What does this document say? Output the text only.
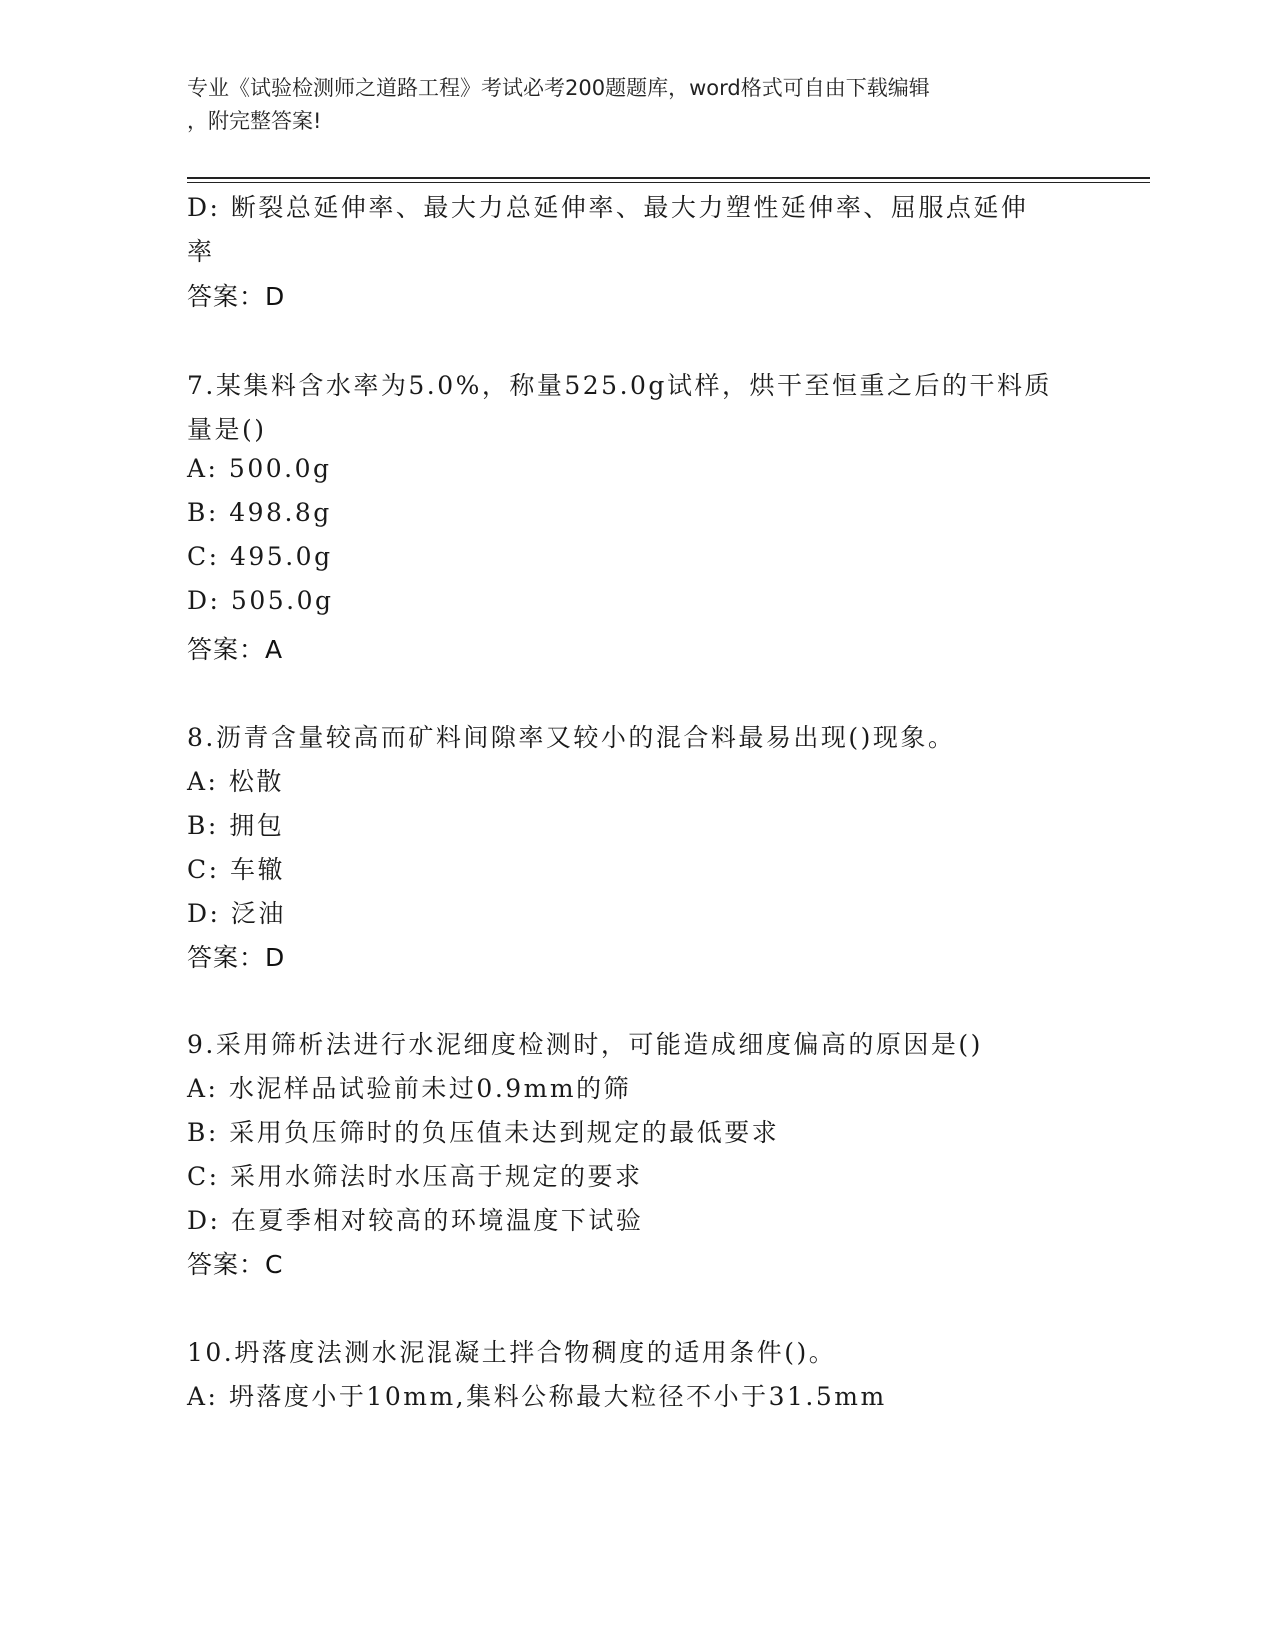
专业《试验检测师之道路工程》考试必考200题题库，word格式可自由下载编辑
，附完整答案!
D: 断裂总延伸率、最大力总延伸率、最大力塑性延伸率、屈服点延伸
率
答案：D
7.某集料含水率为5.0%，称量525.0g试样，烘干至恒重之后的干料质
量是()
A: 500.0g
B: 498.8g
C: 495.0g
D: 505.0g
答案：A
8.沥青含量较高而矿料间隙率又较小的混合料最易出现()现象。
A: 松散
B: 拥包
C: 车辙
D: 泛油
答案：D
9.采用筛析法进行水泥细度检测时，可能造成细度偏高的原因是()
A: 水泥样品试验前未过0.9mm的筛
B: 采用负压筛时的负压值未达到规定的最低要求
C: 采用水筛法时水压高于规定的要求
D: 在夏季相对较高的环境温度下试验
答案：C
10.坍落度法测水泥混凝土拌合物稠度的适用条件()。
A: 坍落度小于10mm,集料公称最大粒径不小于31.5mm
